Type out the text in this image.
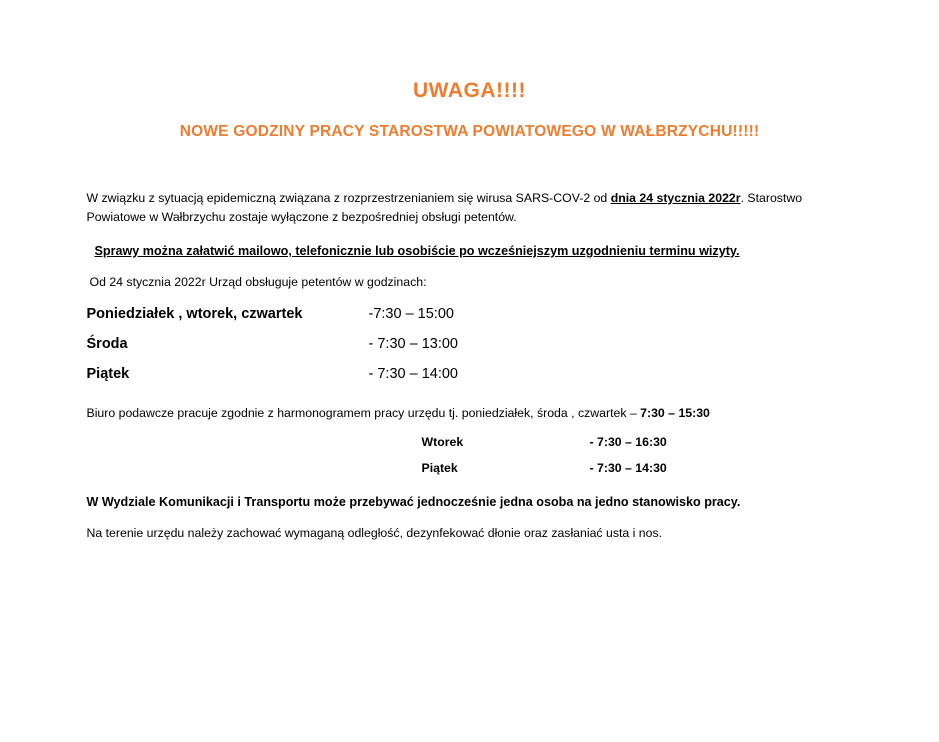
UWAGA!!!!
NOWE GODZINY PRACY STAROSTWA POWIATOWEGO W WAŁBRZYCHU!!!!!

W związku z sytuacją epidemiczną związana z rozprzestrzenianiem się wirusa SARS-COV-2 od dnia 24 stycznia 2022r. Starostwo Powiatowe w Wałbrzychu zostaje wyłączone z bezpośredniej obsługi petentów.

Sprawy można załatwić mailowo, telefonicznie lub osobiście po wcześniejszym uzgodnieniu terminu wizyty.

Od 24 stycznia 2022r Urząd obsługuje petentów w godzinach:

Poniedziałek , wtorek, czwartek	-7:30 – 15:00
Środa	- 7:30 – 13:00
Piątek	- 7:30 – 14:00

Biuro podawcze pracuje zgodnie z harmonogramem pracy urzędu tj. poniedziałek, środa , czwartek – 7:30 – 15:30

Wtorek	- 7:30 – 16:30
Piątek	- 7:30 – 14:30

W Wydziale Komunikacji i Transportu może przebywać jednocześnie jedna osoba na jedno stanowisko pracy.

Na terenie urzędu należy zachować wymaganą odległość, dezynfekować dłonie oraz zasłaniać usta i nos.
